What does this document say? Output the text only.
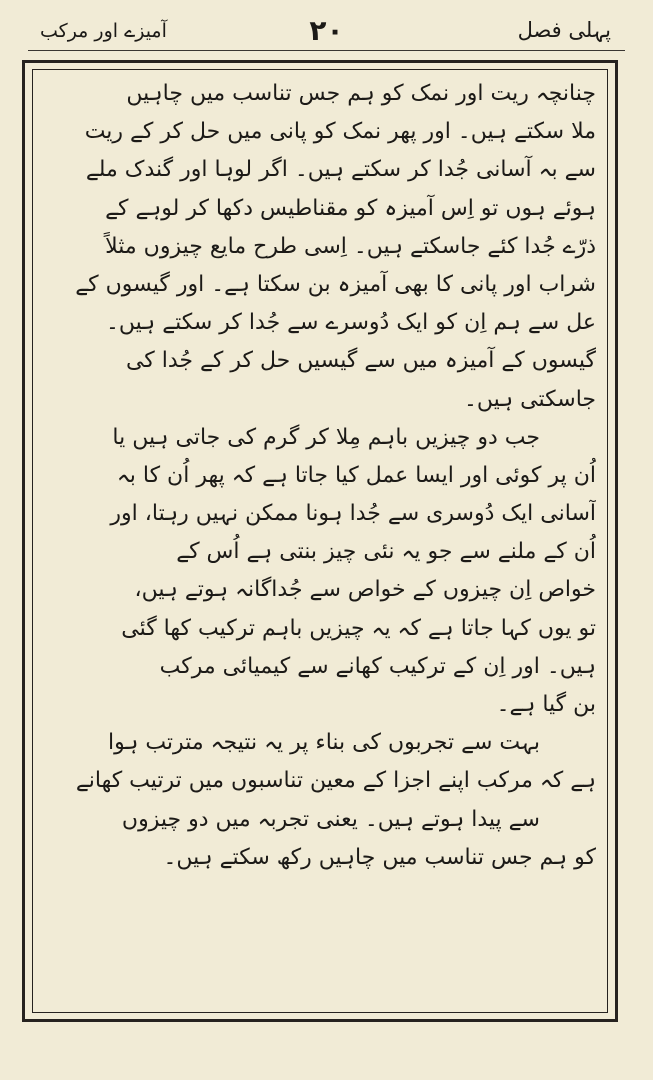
پہلی فصل
۲۰
آمیزے اور مرکب

چنانچہ ریت اور نمک کو ہم جس تناسب میں چاہیں
ملا سکتے ہیں۔ اور پھر نمک کو پانی میں حل کر کے ریت
سے بہ آسانی جُدا کر سکتے ہیں۔ اگر لوہا اور گندک ملے
ہوئے ہوں تو اِس آمیزہ کو مقناطیس دکھا کر لوہے کے
ذرّے جُدا کئے جاسکتے ہیں۔ اِسی طرح مایع چیزوں مثلاً
شراب اور پانی کا بھی آمیزہ بن سکتا ہے۔ اور گیسوں کے
عل سے ہم اِن کو ایک دُوسرے سے جُدا کر سکتے ہیں۔
گیسوں کے آمیزہ میں سے گیسیں حل کر کے جُدا کی
جاسکتی ہیں۔

جب دو چیزیں باہم مِلا کر گرم کی جاتی ہیں یا
اُن پر کوئی اور ایسا عمل کیا جاتا ہے کہ پھر اُن کا بہ
آسانی ایک دُوسری سے جُدا ہونا ممکن نہیں رہتا، اور
اُن کے ملنے سے جو یہ نئی چیز بنتی ہے اُس کے
خواص اِن چیزوں کے خواص سے جُداگانہ ہوتے ہیں،
تو یوں کہا جاتا ہے کہ یہ چیزیں باہم ترکیب کھا گئی
ہیں۔ اور اِن کے ترکیب کھانے سے کیمیائی مرکب
بن گیا ہے۔

بہت سے تجربوں کی بناء پر یہ نتیجہ مترتب ہوا
ہے کہ مرکب اپنے اجزا کے معین تناسبوں میں ترتیب کھانے
سے پیدا ہوتے ہیں۔ یعنی تجربہ میں دو چیزوں
کو ہم جس تناسب میں چاہیں رکھ سکتے ہیں۔
